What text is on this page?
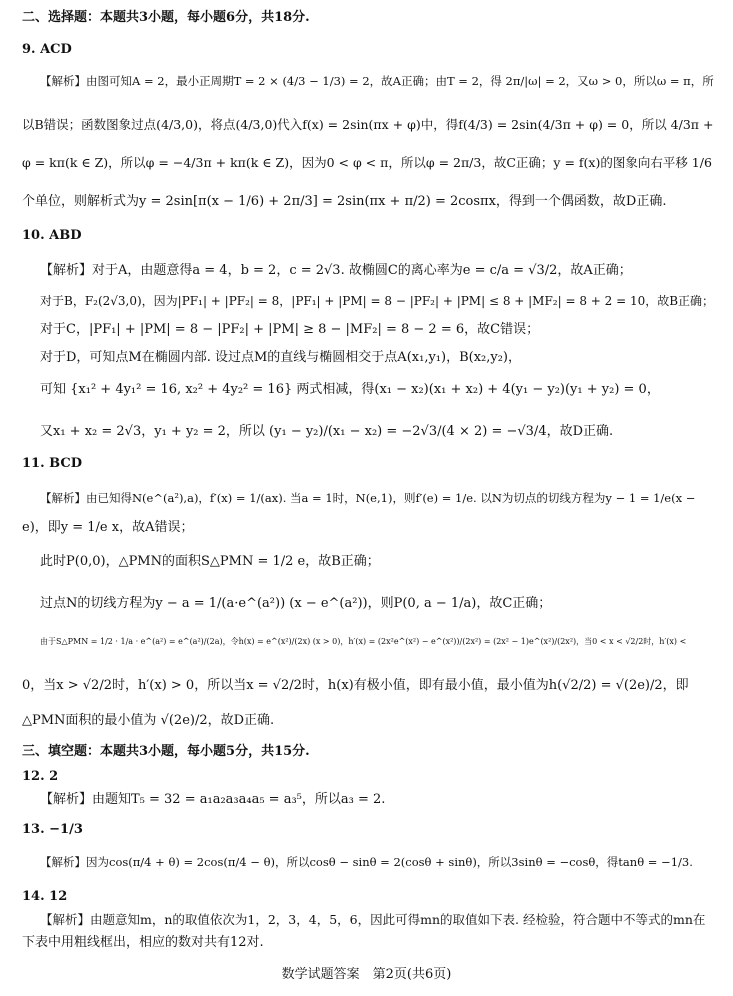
二、选择题：本题共3小题，每小题6分，共18分.
9. ACD
【解析】由图可知A = 2，最小正周期T = 2 × (4/3 − 1/3) = 2，故A正确；由T = 2，得 2π/|ω| = 2，又ω > 0，所以ω = π，所
以B错误；函数图象过点(4/3,0)，将点(4/3,0)代入f(x) = 2sin(πx + φ)中，得f(4/3) = 2sin(4/3π + φ) = 0，所以 4/3π +
φ = kπ(k ∈ Z)，所以φ = −4/3π + kπ(k ∈ Z)，因为0 < φ < π，所以φ = 2π/3，故C正确；y = f(x)的图象向右平移 1/6
个单位，则解析式为y = 2sin[π(x − 1/6) + 2π/3] = 2sin(πx + π/2) = 2cosπx，得到一个偶函数，故D正确.
10. ABD
【解析】对于A，由题意得a = 4，b = 2，c = 2√3. 故椭圆C的离心率为e = c/a = √3/2，故A正确；
对于B，F₂(2√3,0)，因为|PF₁| + |PF₂| = 8，|PF₁| + |PM| = 8 − |PF₂| + |PM| ≤ 8 + |MF₂| = 8 + 2 = 10，故B正确；
对于C，|PF₁| + |PM| = 8 − |PF₂| + |PM| ≥ 8 − |MF₂| = 8 − 2 = 6，故C错误；
对于D，可知点M在椭圆内部. 设过点M的直线与椭圆相交于点A(x₁,y₁)，B(x₂,y₂)，
可知 {x₁² + 4y₁² = 16, x₂² + 4y₂² = 16} 两式相减，得(x₁ − x₂)(x₁ + x₂) + 4(y₁ − y₂)(y₁ + y₂) = 0，
又x₁ + x₂ = 2√3，y₁ + y₂ = 2，所以 (y₁ − y₂)/(x₁ − x₂) = −2√3/(4 × 2) = −√3/4，故D正确.
11. BCD
【解析】由已知得N(e^(a²),a)，f′(x) = 1/(ax). 当a = 1时，N(e,1)，则f′(e) = 1/e. 以N为切点的切线方程为y − 1 = 1/e(x −
e)，即y = 1/e x，故A错误；
此时P(0,0)，△PMN的面积S△PMN = 1/2 e，故B正确；
过点N的切线方程为y − a = 1/(a·e^(a²)) (x − e^(a²))，则P(0, a − 1/a)，故C正确；
由于S△PMN = 1/2 · 1/a · e^(a²) = e^(a²)/(2a)，令h(x) = e^(x²)/(2x) (x > 0)，h′(x) = (2x²e^(x²) − e^(x²))/(2x²) = (2x² − 1)e^(x²)/(2x²)，当0 < x < √2/2时，h′(x) <
0，当x > √2/2时，h′(x) > 0，所以当x = √2/2时，h(x)有极小值，即有最小值，最小值为h(√2/2) = √(2e)/2，即
△PMN面积的最小值为 √(2e)/2，故D正确.
三、填空题：本题共3小题，每小题5分，共15分.
12. 2
【解析】由题知T₅ = 32 = a₁a₂a₃a₄a₅ = a₃⁵，所以a₃ = 2.
13. −1/3
【解析】因为cos(π/4 + θ) = 2cos(π/4 − θ)，所以cosθ − sinθ = 2(cosθ + sinθ)，所以3sinθ = −cosθ，得tanθ = −1/3.
14. 12
【解析】由题意知m，n的取值依次为1，2，3，4，5，6，因此可得mn的取值如下表. 经检验，符合题中不等式的mn在
下表中用粗线框出，相应的数对共有12对.
数学试题答案　第2页(共6页)
